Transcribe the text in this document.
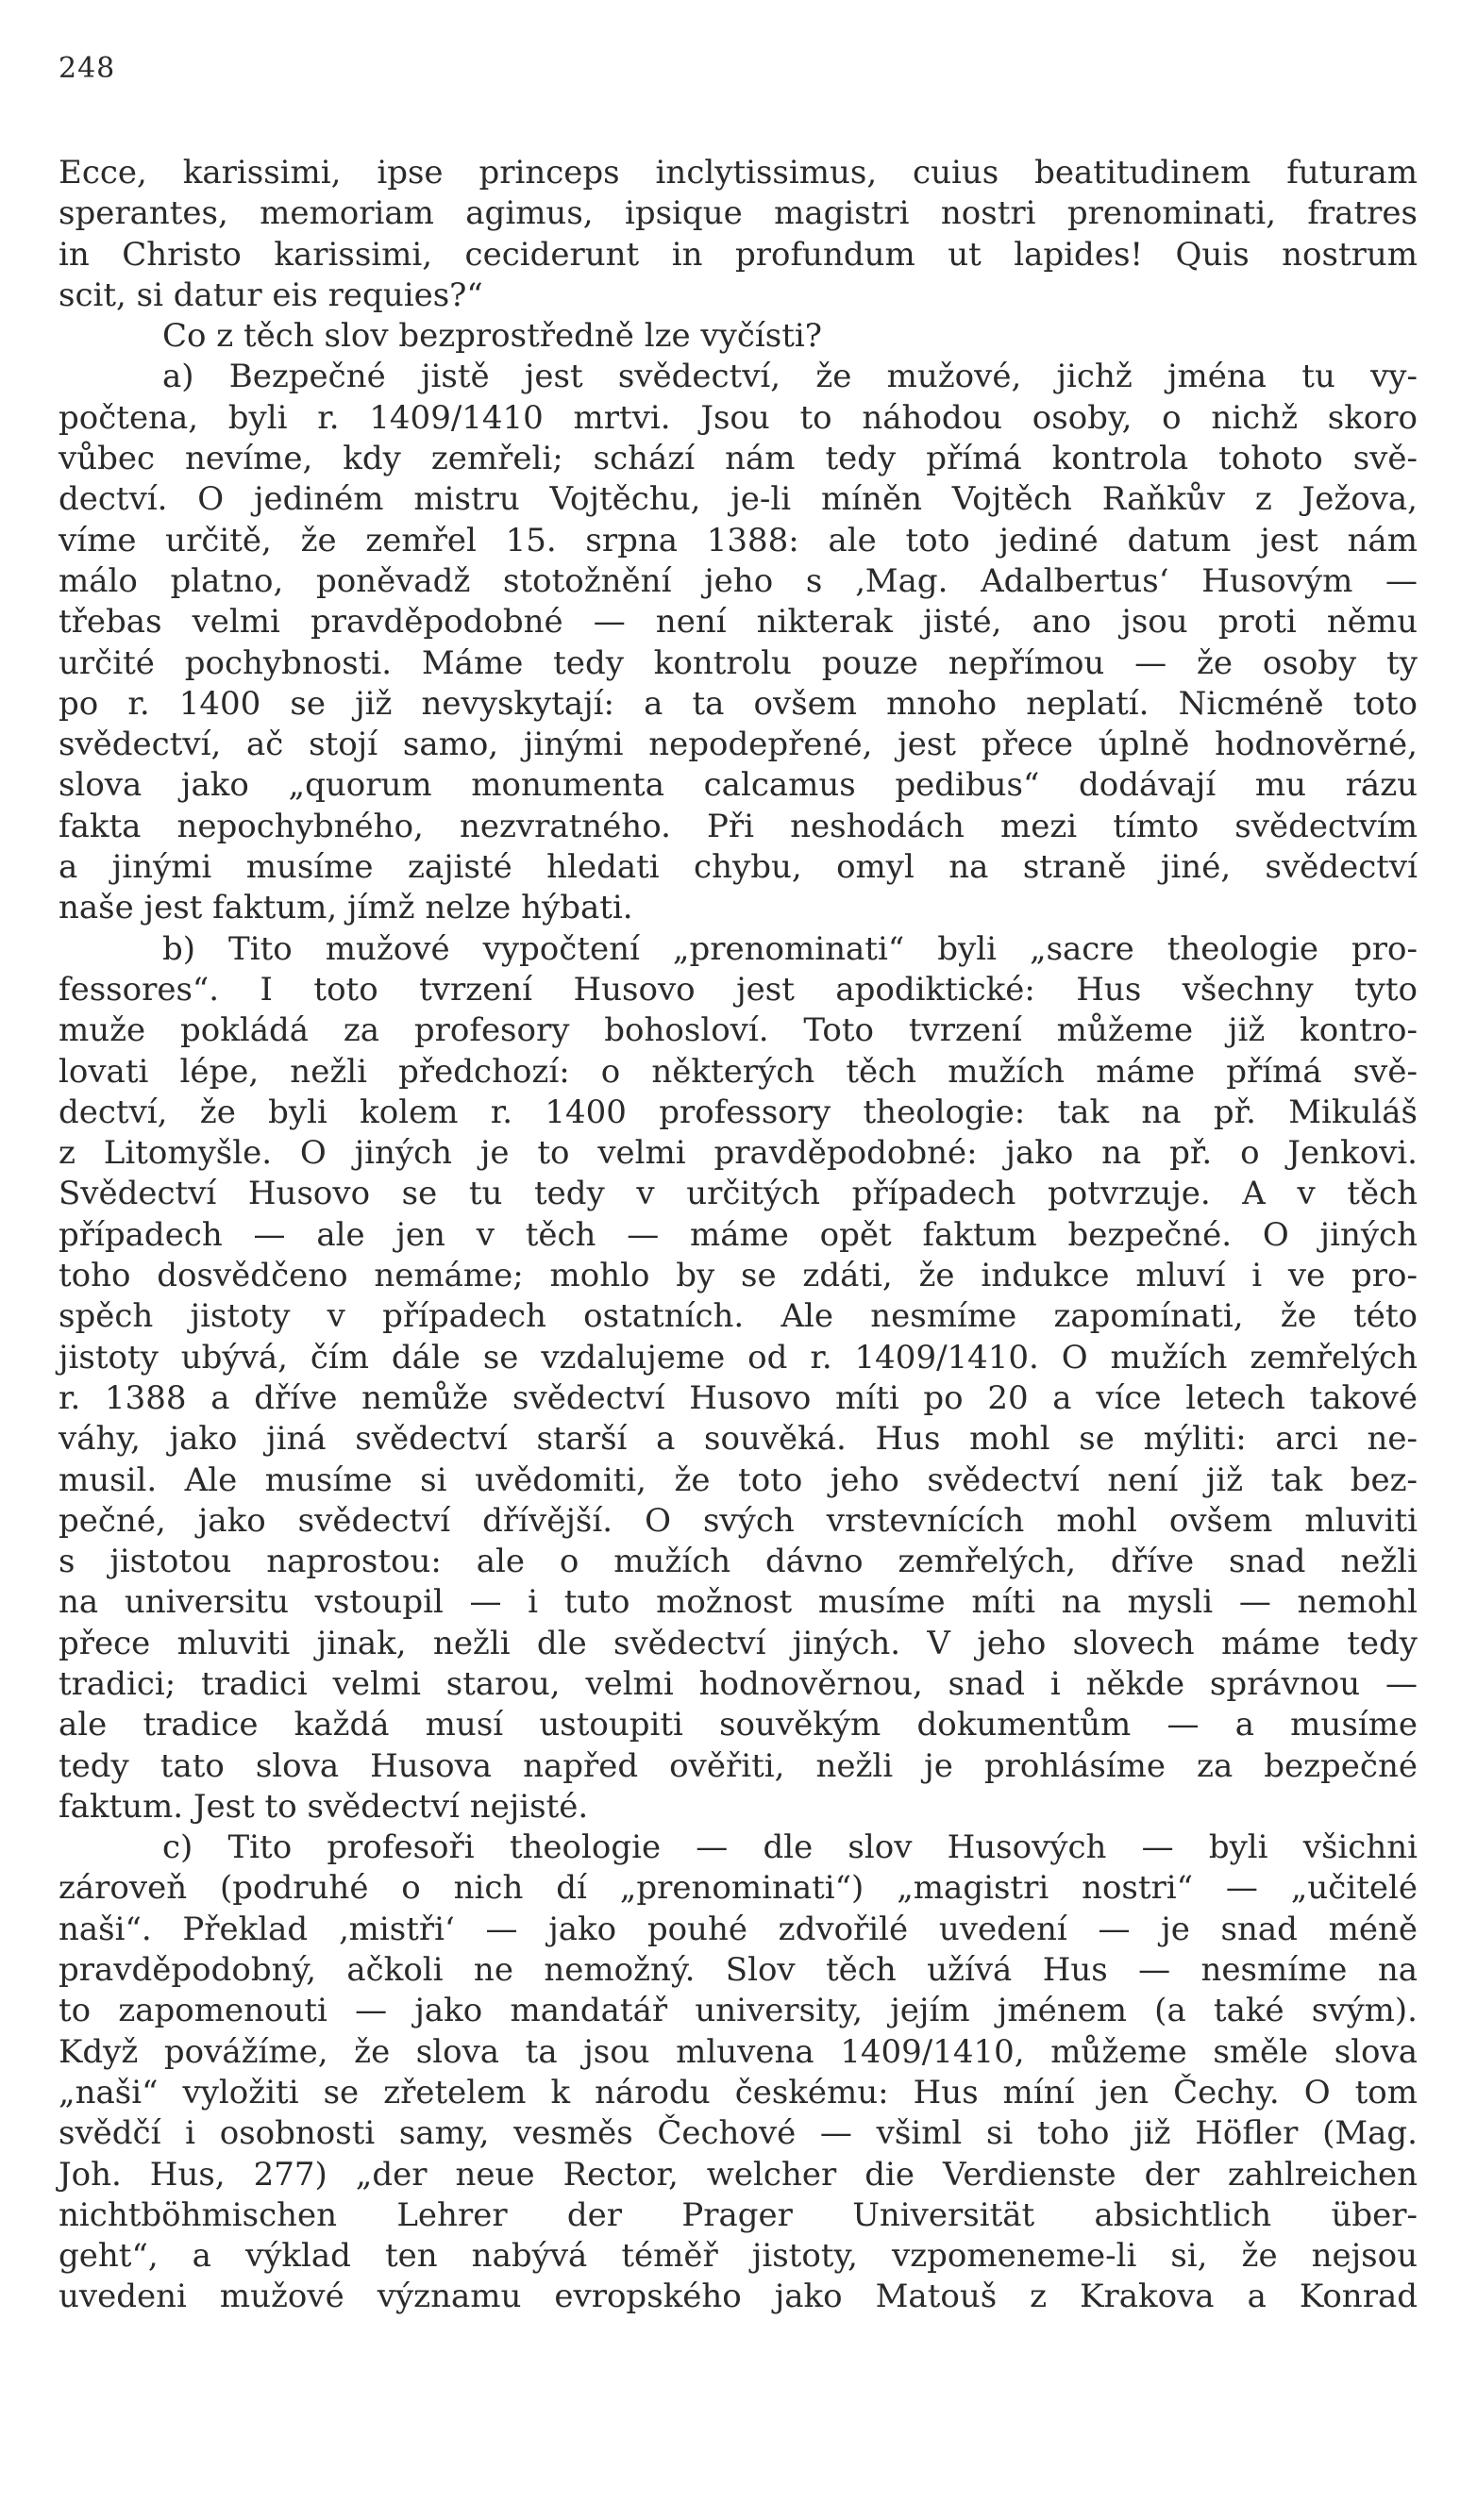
248
Ecce, karissimi, ipse princeps inclytissimus, cuius beatitudinem futuram
sperantes, memoriam agimus, ipsique magistri nostri prenominati, fratres
in Christo karissimi, ceciderunt in profundum ut lapides! Quis nostrum
scit, si datur eis requies?“
Co z těch slov bezprostředně lze vyčísti?
a) Bezpečné jistě jest svědectví, že mužové, jichž jména tu vy-
počtena, byli r. 1409/1410 mrtvi. Jsou to náhodou osoby, o nichž skoro
vůbec nevíme, kdy zemřeli; schází nám tedy přímá kontrola tohoto svě-
dectví. O jediném mistru Vojtěchu, je-li míněn Vojtěch Raňkův z Ježova,
víme určitě, že zemřel 15. srpna 1388: ale toto jediné datum jest nám
málo platno, poněvadž stotožnění jeho s ‚Mag. Adalbertus‘ Husovým —
třebas velmi pravděpodobné — není nikterak jisté, ano jsou proti němu
určité pochybnosti. Máme tedy kontrolu pouze nepřímou — že osoby ty
po r. 1400 se již nevyskytají: a ta ovšem mnoho neplatí. Nicméně toto
svědectví, ač stojí samo, jinými nepodepřené, jest přece úplně hodnověrné,
slova jako „quorum monumenta calcamus pedibus“ dodávají mu rázu
fakta nepochybného, nezvratného. Při neshodách mezi tímto svědectvím
a jinými musíme zajisté hledati chybu, omyl na straně jiné, svědectví
naše jest faktum, jímž nelze hýbati.
b) Tito mužové vypočtení „prenominati“ byli „sacre theologie pro-
fessores“. I toto tvrzení Husovo jest apodiktické: Hus všechny tyto
muže pokládá za profesory bohosloví. Toto tvrzení můžeme již kontro-
lovati lépe, nežli předchozí: o některých těch mužích máme přímá svě-
dectví, že byli kolem r. 1400 professory theologie: tak na př. Mikuláš
z Litomyšle. O jiných je to velmi pravděpodobné: jako na př. o Jenkovi.
Svědectví Husovo se tu tedy v určitých případech potvrzuje. A v těch
případech — ale jen v těch — máme opět faktum bezpečné. O jiných
toho dosvědčeno nemáme; mohlo by se zdáti, že indukce mluví i ve pro-
spěch jistoty v případech ostatních. Ale nesmíme zapomínati, že této
jistoty ubývá, čím dále se vzdalujeme od r. 1409/1410. O mužích zemřelých
r. 1388 a dříve nemůže svědectví Husovo míti po 20 a více letech takové
váhy, jako jiná svědectví starší a souvěká. Hus mohl se mýliti: arci ne-
musil. Ale musíme si uvědomiti, že toto jeho svědectví není již tak bez-
pečné, jako svědectví dřívější. O svých vrstevnících mohl ovšem mluviti
s jistotou naprostou: ale o mužích dávno zemřelých, dříve snad nežli
na universitu vstoupil — i tuto možnost musíme míti na mysli — nemohl
přece mluviti jinak, nežli dle svědectví jiných. V jeho slovech máme tedy
tradici; tradici velmi starou, velmi hodnověrnou, snad i někde správnou —
ale tradice každá musí ustoupiti souvěkým dokumentům — a musíme
tedy tato slova Husova napřed ověřiti, nežli je prohlásíme za bezpečné
faktum. Jest to svědectví nejisté.
c) Tito profesoři theologie — dle slov Husových — byli všichni
zároveň (podruhé o nich dí „prenominati“) „magistri nostri“ — „učitelé
naši“. Překlad ‚mistři‘ — jako pouhé zdvořilé uvedení — je snad méně
pravděpodobný, ačkoli ne nemožný. Slov těch užívá Hus — nesmíme na
to zapomenouti — jako mandatář university, jejím jménem (a také svým).
Když povážíme, že slova ta jsou mluvena 1409/1410, můžeme směle slova
„naši“ vyložiti se zřetelem k národu českému: Hus míní jen Čechy. O tom
svědčí i osobnosti samy, vesměs Čechové — všiml si toho již Höfler (Mag.
Joh. Hus, 277) „der neue Rector, welcher die Verdienste der zahlreichen
nichtböhmischen Lehrer der Prager Universität absichtlich über-
geht“, a výklad ten nabývá téměř jistoty, vzpomeneme-li si, že nejsou
uvedeni mužové významu evropského jako Matouš z Krakova a Konrad
